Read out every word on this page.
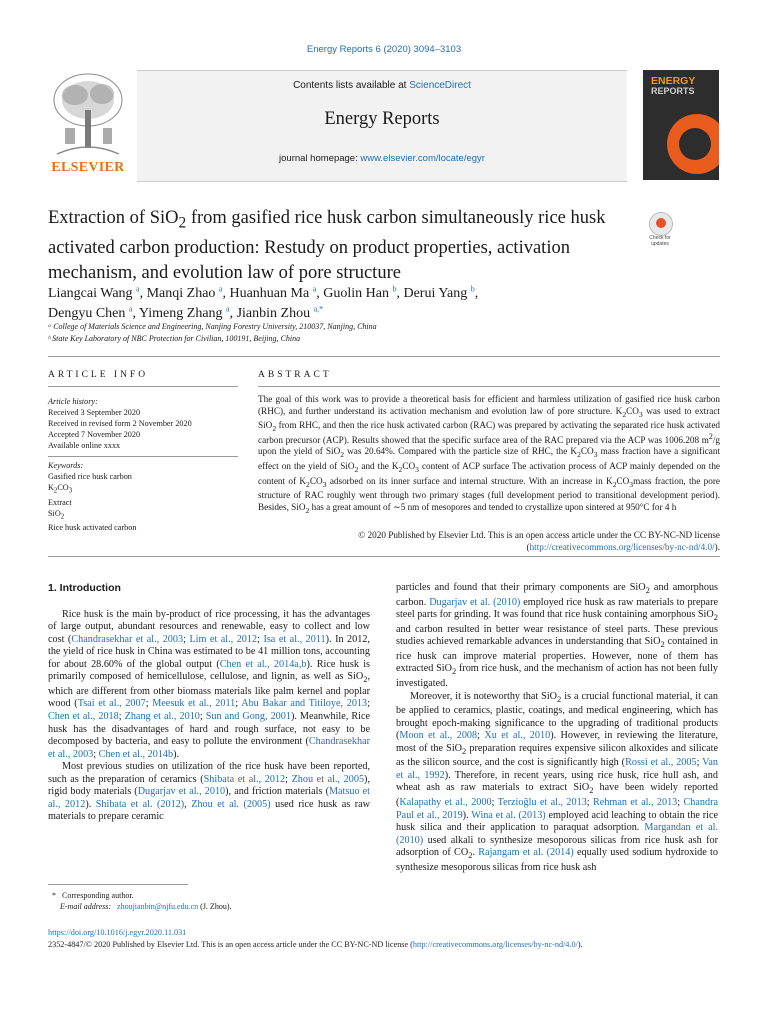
Energy Reports 6 (2020) 3094–3103
ELSEVIER
Contents lists available at ScienceDirect
Energy Reports
journal homepage: www.elsevier.com/locate/egyr
ENERGY
REPORTS
Extraction of SiO$_2$ from gasified rice husk carbon simultaneously rice husk activated carbon production: Restudy on product properties, activation mechanism, and evolution law of pore structure
Check for updates
Liangcai Wang $^a$, Manqi Zhao $^a$, Huanhuan Ma $^a$, Guolin Han $^b$, Derui Yang $^b$,
Dengyu Chen $^a$, Yimeng Zhang $^a$, Jianbin Zhou $^{a,*}$
ᵃ College of Materials Science and Engineering, Nanjing Forestry University, 210037, Nanjing, China
ᵇ State Key Laboratory of NBC Protection for Civilian, 100191, Beijing, China
ARTICLE INFO	ABSTRACT
Article history:
Received 3 September 2020
Received in revised form 2 November 2020
Accepted 7 November 2020
Available online xxxx
Keywords:
Gasified rice husk carbon
$K_2CO_3$
Extract
SiO$_2$
Rice husk activated carbon
The goal of this work was to provide a theoretical basis for efficient and harmless utilization of gasified rice husk carbon (RHC), and further understand its activation mechanism and evolution law of pore structure. $K_2CO_3$ was used to extract SiO$_2$ from RHC, and then the rice husk activated carbon (RAC) was prepared by activating the separated rice husk activated carbon precursor (ACP). Results showed that the specific surface area of the RAC prepared via the ACP was 1006.208 $m^2/g$ upon the yield of SiO$_2$ was 20.64%. Compared with the particle size of RHC, the $K_2CO_3$ mass fraction have a significant effect on the yield of SiO$_2$ and the $K_2CO_3$ content of ACP surface The activation process of ACP mainly depended on the content of $K_2CO_3$ adsorbed on its inner surface and internal structure. With an increase in $K_2CO_3mass$ fraction, the pore structure of RAC roughly went through two primary stages (full development period to transitional development period). Besides, SiO$_2$ has a great amount of ∼5 nm of mesopores and tended to crystallize upon sintered at 950°C for 4 h
© 2020 Published by Elsevier Ltd. This is an open access article under the CC BY-NC-ND license
(http://creativecommons.org/licenses/by-nc-nd/4.0/).
1. Introduction

Rice husk is the main by-product of rice processing, it has the advantages of large output, abundant resources and renewable, easy to collect and low cost (Chandrasekhar et al., 2003; Lim et al., 2012; Isa et al., 2011). In 2012, the yield of rice husk in China was estimated to be 41 million tons, accounting for about 28.60% of the global output (Chen et al., 2014a,b). Rice husk is primarily composed of hemicellulose, cellulose, and lignin, as well as SiO$_2$, which are different from other biomass materials like palm kernel and poplar wood (Tsai et al., 2007; Meesuk et al., 2011; Abu Bakar and Titiloye, 2013; Chen et al., 2018; Zhang et al., 2010; Sun and Gong, 2001). Meanwhile, Rice husk has the disadvantages of hard and rough surface, not easy to be decomposed by bacteria, and easy to pollute the environment (Chandrasekhar et al., 2003; Chen et al., 2014b).

Most previous studies on utilization of the rice husk have been reported, such as the preparation of ceramics (Shibata et al., 2012; Zhou et al., 2005), rigid body materials (Dugarjav et al., 2010), and friction materials (Matsuo et al., 2012). Shibata et al. (2012), Zhou et al. (2005) used rice husk as raw materials to prepare ceramic

particles and found that their primary components are SiO$_2$ and amorphous carbon. Dugarjav et al. (2010) employed rice husk as raw materials to prepare steel parts for grinding. It was found that rice husk containing amorphous SiO$_2$ and carbon resulted in better wear resistance of steel parts. These previous studies achieved remarkable advances in understanding that SiO$_2$ contained in rice husk can improve material properties. However, none of them has extracted SiO$_2$ from rice husk, and the mechanism of action has not been fully investigated.

Moreover, it is noteworthy that SiO$_2$ is a crucial functional material, it can be applied to ceramics, plastic, coatings, and medical engineering, which has brought epoch-making significance to the upgrading of traditional products (Moon et al., 2008; Xu et al., 2010). However, in reviewing the literature, most of the SiO$_2$ preparation requires expensive silicon alkoxides and silicate as the silicon source, and the cost is significantly high (Rossi et al., 2005; Van et al., 1992). Therefore, in recent years, using rice husk, rice hull ash, and wheat ash as raw materials to extract SiO$_2$ have been widely reported (Kalapathy et al., 2000; Terzioğlu et al., 2013; Rehman et al., 2013; Chandra Paul et al., 2019). Wina et al. (2013) employed acid leaching to obtain the rice husk silica and their application to paraquat adsorption. Margandan et al. (2010) used alkali to synthesize mesoporous silicas from rice husk ash for adsorption of $CO_2$. Rajangam et al. (2014) equally used sodium hydroxide to synthesize mesoporous silicas from rice husk ash

* Corresponding author.
E-mail address: zhoujianbin@njfu.edu.cn (J. Zhou).
https://doi.org/10.1016/j.egyr.2020.11.031
2352-4847/© 2020 Published by Elsevier Ltd. This is an open access article under the CC BY-NC-ND license (http://creativecommons.org/licenses/by-nc-nd/4.0/).
